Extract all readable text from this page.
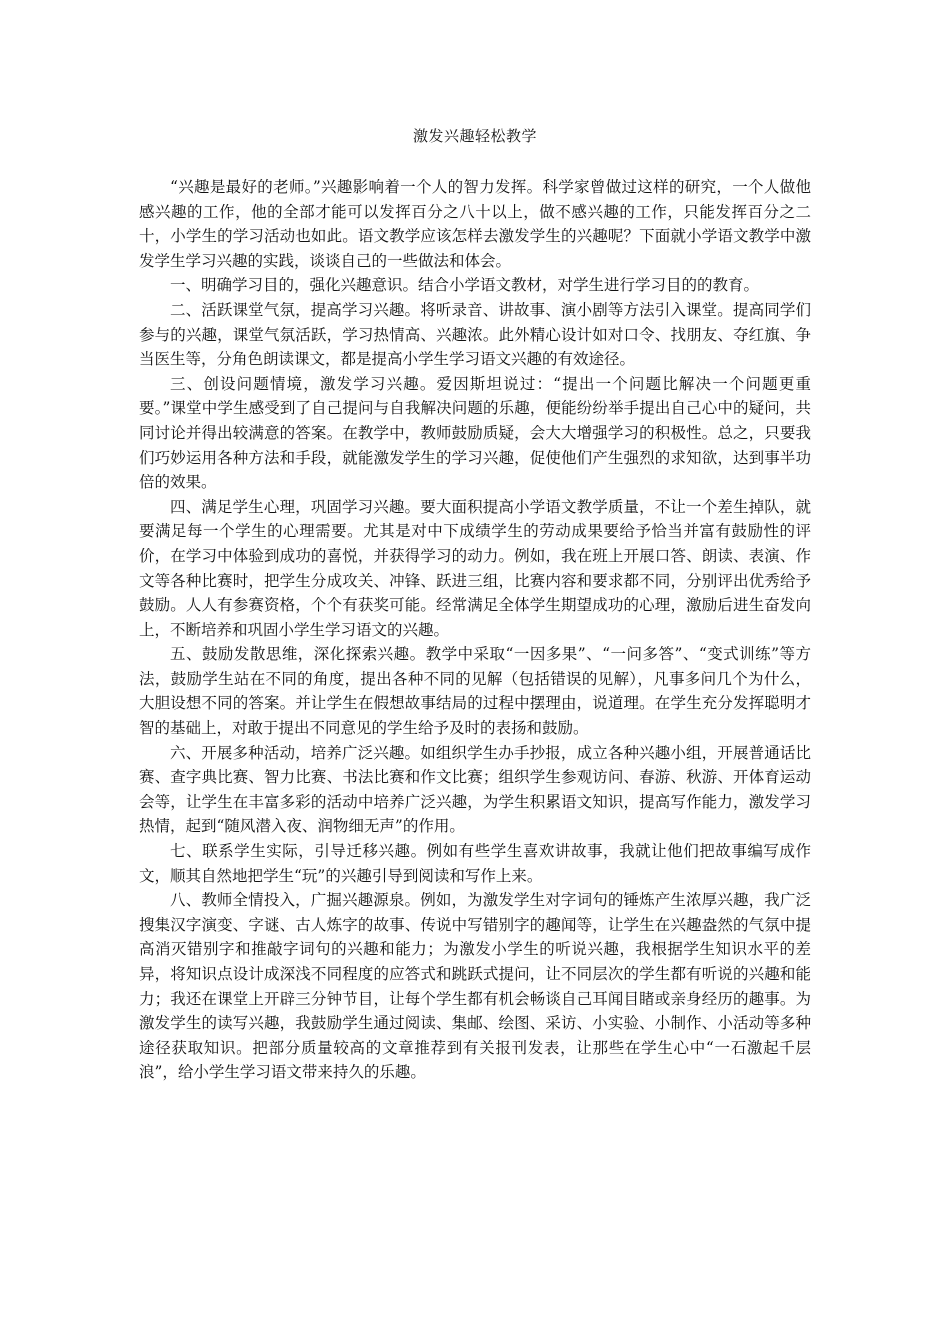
激发兴趣轻松教学

“兴趣是最好的老师。”兴趣影响着一个人的智力发挥。科学家曾做过这样的研究，一个人做他感兴趣的工作，他的全部才能可以发挥百分之八十以上，做不感兴趣的工作，只能发挥百分之二十，小学生的学习活动也如此。语文教学应该怎样去激发学生的兴趣呢？下面就小学语文教学中激发学生学习兴趣的实践，谈谈自己的一些做法和体会。

一、明确学习目的，强化兴趣意识。结合小学语文教材，对学生进行学习目的的教育。

二、活跃课堂气氛，提高学习兴趣。将听录音、讲故事、演小剧等方法引入课堂。提高同学们参与的兴趣，课堂气氛活跃，学习热情高、兴趣浓。此外精心设计如对口令、找朋友、夺红旗、争当医生等，分角色朗读课文，都是提高小学生学习语文兴趣的有效途径。

三、创设问题情境，激发学习兴趣。爱因斯坦说过：“提出一个问题比解决一个问题更重要。”课堂中学生感受到了自己提问与自我解决问题的乐趣，便能纷纷举手提出自己心中的疑问，共同讨论并得出较满意的答案。在教学中，教师鼓励质疑，会大大增强学习的积极性。总之，只要我们巧妙运用各种方法和手段，就能激发学生的学习兴趣，促使他们产生强烈的求知欲，达到事半功倍的效果。

四、满足学生心理，巩固学习兴趣。要大面积提高小学语文教学质量，不让一个差生掉队，就要满足每一个学生的心理需要。尤其是对中下成绩学生的劳动成果要给予恰当并富有鼓励性的评价，在学习中体验到成功的喜悦，并获得学习的动力。例如，我在班上开展口答、朗读、表演、作文等各种比赛时，把学生分成攻关、冲锋、跃进三组，比赛内容和要求都不同，分别评出优秀给予鼓励。人人有参赛资格，个个有获奖可能。经常满足全体学生期望成功的心理，激励后进生奋发向上，不断培养和巩固小学生学习语文的兴趣。

五、鼓励发散思维，深化探索兴趣。教学中采取“一因多果”、“一问多答”、“变式训练”等方法，鼓励学生站在不同的角度，提出各种不同的见解（包括错误的见解），凡事多问几个为什么，大胆设想不同的答案。并让学生在假想故事结局的过程中摆理由，说道理。在学生充分发挥聪明才智的基础上，对敢于提出不同意见的学生给予及时的表扬和鼓励。

六、开展多种活动，培养广泛兴趣。如组织学生办手抄报，成立各种兴趣小组，开展普通话比赛、查字典比赛、智力比赛、书法比赛和作文比赛；组织学生参观访问、春游、秋游、开体育运动会等，让学生在丰富多彩的活动中培养广泛兴趣，为学生积累语文知识，提高写作能力，激发学习热情，起到“随风潜入夜、润物细无声”的作用。

七、联系学生实际，引导迁移兴趣。例如有些学生喜欢讲故事，我就让他们把故事编写成作文，顺其自然地把学生“玩”的兴趣引导到阅读和写作上来。

八、教师全情投入，广掘兴趣源泉。例如，为激发学生对字词句的锤炼产生浓厚兴趣，我广泛搜集汉字演变、字谜、古人炼字的故事、传说中写错别字的趣闻等，让学生在兴趣盎然的气氛中提高消灭错别字和推敲字词句的兴趣和能力；为激发小学生的听说兴趣，我根据学生知识水平的差异，将知识点设计成深浅不同程度的应答式和跳跃式提问，让不同层次的学生都有听说的兴趣和能力；我还在课堂上开辟三分钟节目，让每个学生都有机会畅谈自己耳闻目睹或亲身经历的趣事。为激发学生的读写兴趣，我鼓励学生通过阅读、集邮、绘图、采访、小实验、小制作、小活动等多种途径获取知识。把部分质量较高的文章推荐到有关报刊发表，让那些在学生心中“一石激起千层浪”，给小学生学习语文带来持久的乐趣。
